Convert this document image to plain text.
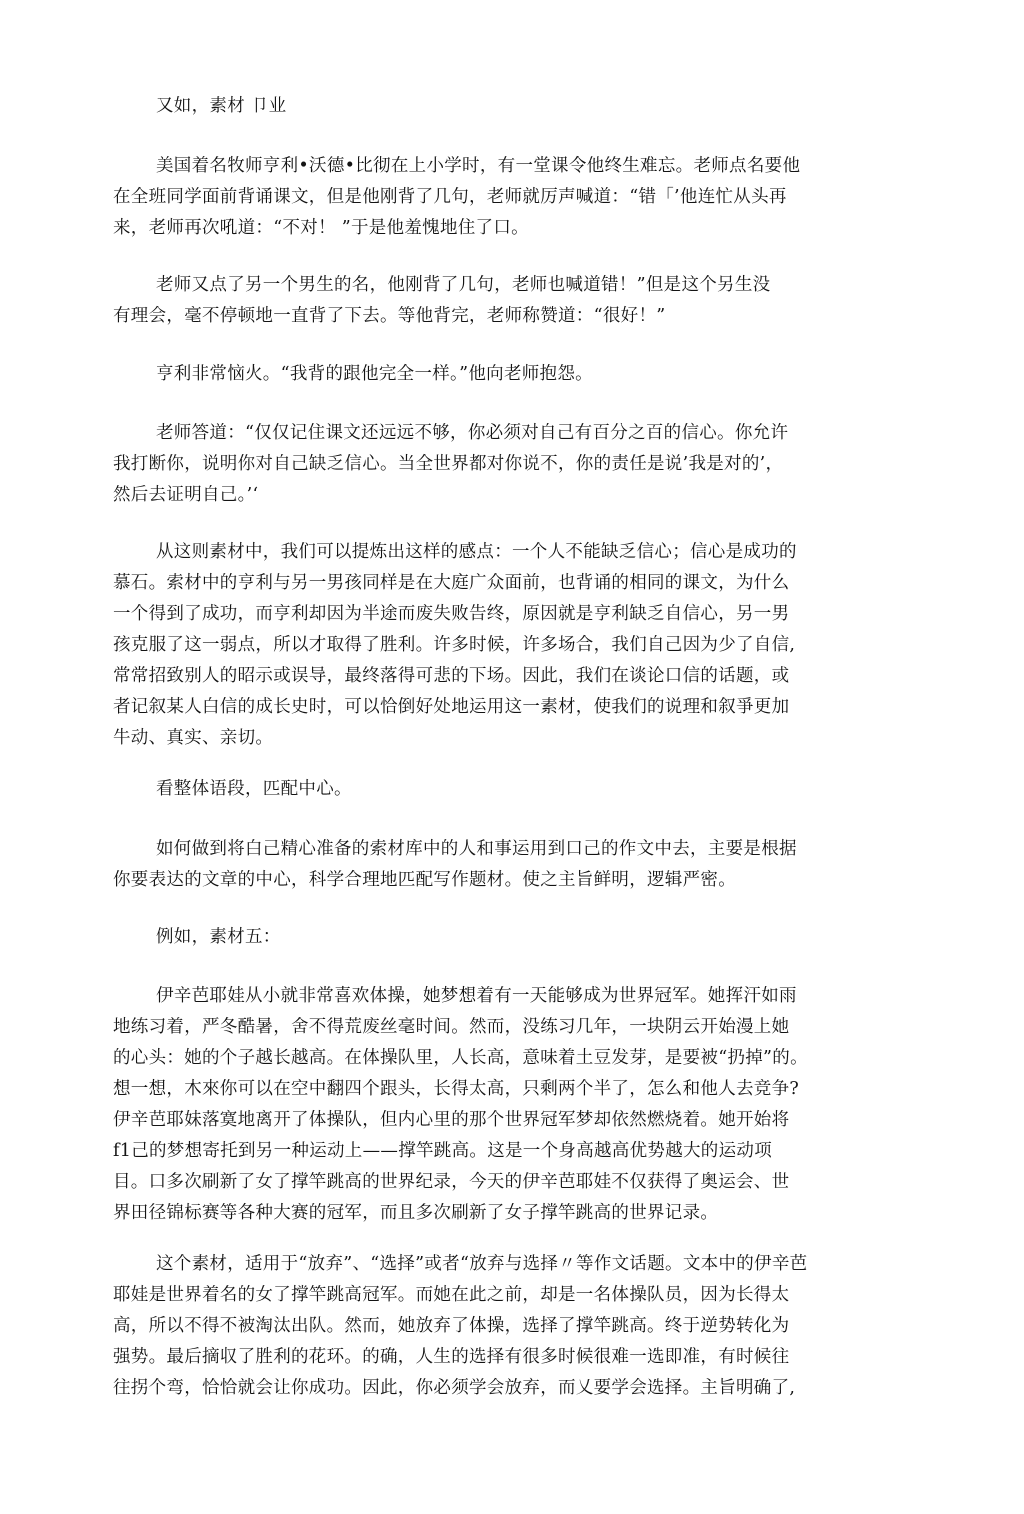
又如，素材 卩业
美国着名牧师亨利•沃德•比彻在上小学时，有一堂课令他终生难忘。老师点名要他
在全班同学面前背诵课文，但是他刚背了几句，老师就厉声喊道：“错「’他连忙从头再
来，老师再次吼道：“不对！ ”于是他羞愧地住了口。
老师又点了另一个男生的名，他刚背了几句，老师也喊道错！”但是这个另生没
有理会，毫不停顿地一直背了下去。等他背完，老师称赞道：“很好！”
亨利非常恼火。“我背的跟他完全一样。”他向老师抱怨。
老师答道：“仅仅记住课文还远远不够，你必须对自己有百分之百的信心。你允许
我打断你，说明你对自己缺乏信心。当全世界都对你说不，你的责任是说’我是对的’，
然后去证明自己。’‘
从这则素材中，我们可以提炼出这样的感点：一个人不能缺乏信心；信心是成功的
慕石。索材中的亨利与另一男孩同样是在大庭广众面前，也背诵的相同的课文，为什么
一个得到了成功，而亨利却因为半途而废失败告终，原因就是亨利缺乏自信心，另一男
孩克服了这一弱点，所以才取得了胜利。许多时候，许多场合，我们自己因为少了自信,
常常招致别人的昭示或误导，最终落得可悲的下场。因此，我们在谈论口信的话题，或
者记叙某人白信的成长史时，可以恰倒好处地运用这一素材，使我们的说理和叙爭更加
牛动、真实、亲切。
看整体语段，匹配中心。
如何做到将白己精心准备的索材库中的人和事运用到口己的作文中去，主要是根据
你要表达的文章的中心，科学合理地匹配写作题材。使之主旨鲜明，逻辑严密。
例如，素材五：
伊辛芭耶娃从小就非常喜欢体操，她梦想着有一天能够成为世界冠军。她挥汗如雨
地练习着，严冬酷暑，舍不得荒废丝毫时间。然而，没练习几年，一块阴云开始漫上她
的心头：她的个子越长越高。在体操队里，人长高，意味着土豆发芽，是要被“扔掉”的。
想一想，木來你可以在空中翻四个跟头，长得太高，只剩两个半了，怎么和他人去竞争?
伊辛芭耶妹落寞地离开了体操队，但内心里的那个世界冠军梦却依然燃烧着。她开始将
f1己的梦想寄托到另一种运动上——撑竿跳高。这是一个身高越高优势越大的运动项
目。口多次刷新了女了撑竿跳高的世界纪录，今天的伊辛芭耶娃不仅获得了奥运会、世
界田径锦标赛等各种大赛的冠军，而且多次刷新了女子撑竿跳高的世界记录。
这个素材，适用于“放弃”、“选择”或者“放弃与选择〃等作文话题。文本中的伊辛芭
耶娃是世界着名的女了撑竿跳高冠军。而她在此之前，却是一名体操队员，因为长得太
高，所以不得不被淘汰出队。然而，她放弃了体操，选择了撑竿跳高。终于逆势转化为
强势。最后摘収了胜利的花环。的确，人生的选择有很多时候很难一选即准，有时候往
往拐个弯，恰恰就会让你成功。因此，你必须学会放弃，而乂要学会选择。主旨明确了,
